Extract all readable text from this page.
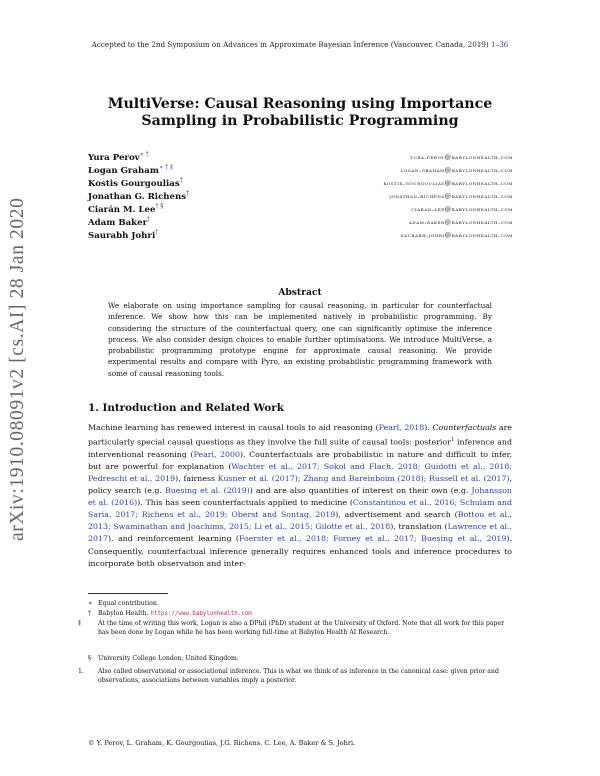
Accepted to the 2nd Symposium on Advances in Approximate Bayesian Inference (Vancouver, Canada, 2019) 1–36
arXiv:1910.08091v2 [cs.AI] 28 Jan 2020
MultiVerse: Causal Reasoning using Importance Sampling in Probabilistic Programming
Yura Perov∗ †	yura.perov@babylonhealth.com
Logan Graham∗ † ‡	logan.graham@babylonhealth.com
Kostis Gourgoulias†	kostis.gourgoulias@babylonhealth.com
Jonathan G. Richens†	jonathan.richens@babylonhealth.com
Ciarán M. Lee† §	ciaran.lee@babylonhealth.com
Adam Baker†	adam.baker@babylonhealth.com
Saurabh Johri†	saurabh.johri@babylonhealth.com
Abstract
We elaborate on using importance sampling for causal reasoning, in particular for counterfactual inference. We show how this can be implemented natively in probabilistic programming. By considering the structure of the counterfactual query, one can significantly optimise the inference process. We also consider design choices to enable further optimisations. We introduce MultiVerse, a probabilistic programming prototype engine for approximate causal reasoning. We provide experimental results and compare with Pyro, an existing probabilistic programming framework with some of causal reasoning tools.
1. Introduction and Related Work
Machine learning has renewed interest in causal tools to aid reasoning (Pearl, 2018). Counterfactuals are particularly special causal questions as they involve the full suite of causal tools: posterior$^1$ inference and interventional reasoning (Pearl, 2000). Counterfactuals are probabilistic in nature and difficult to infer, but are powerful for explanation (Wachter et al., 2017; Sokol and Flach, 2018; Guidotti et al., 2018; Pedreschi et al., 2019), fairness Kusner et al. (2017); Zhang and Bareinboim (2018); Russell et al. (2017), policy search (e.g. Buesing et al. (2019)) and are also quantities of interest on their own (e.g. Johansson et al. (2016)). This has seen counterfactuals applied to medicine (Constantinou et al., 2016; Schulam and Saria, 2017; Richens et al., 2019; Oberst and Sontag, 2019), advertisement and search (Bottou et al., 2013; Swaminathan and Joachims, 2015; Li et al., 2015; Gilotte et al., 2018), translation (Lawrence et al., 2017), and reinforcement learning (Foerster et al., 2018; Forney et al., 2017; Buesing et al., 2019). Consequently, counterfactual inference generally requires enhanced tools and inference procedures to incorporate both observation and inter-
∗ Equal contribution.
† Babylon Health. https://www.babylonhealth.com
‡	At the time of writing this work, Logan is also a DPhil (PhD) student at the University of Oxford. Note that all work for this paper has been done by Logan while he has been working full-time at Babylon Health AI Research.
§ University College London, United Kingdom.
1. Also called observational or associational inference. This is what we think of as inference in the canonical case: given prior and observations, associations between variables imply a posterior.
© Y. Perov, L. Graham, K. Gourgoulias, J.G. Richens, C. Lee, A. Baker & S. Johri.
